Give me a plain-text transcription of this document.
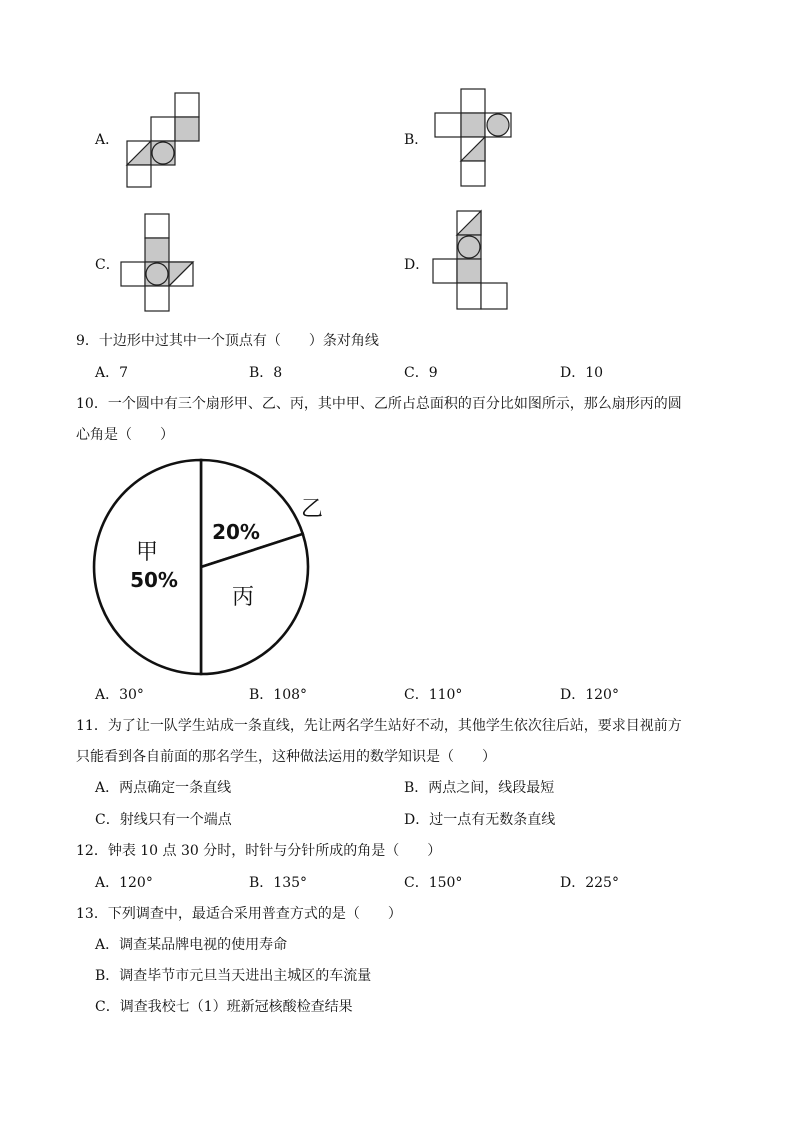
A．	B．
C．	D．
9．十边形中过其中一个顶点有（　　）条对角线
A．7	B．8	C．9	D．10
10．一个圆中有三个扇形甲、乙、丙，其中甲、乙所占总面积的百分比如图所示，那么扇形丙的圆
心角是（　　）
乙
20%
甲
50%
丙
A．30°	B．108°	C．110°	D．120°
11．为了让一队学生站成一条直线，先让两名学生站好不动，其他学生依次往后站，要求目视前方
只能看到各自前面的那名学生，这种做法运用的数学知识是（　　）
A．两点确定一条直线	B．两点之间，线段最短
C．射线只有一个端点	D．过一点有无数条直线
12．钟表 10 点 30 分时，时针与分针所成的角是（　　）
A．120°	B．135°	C．150°	D．225°
13．下列调查中，最适合采用普查方式的是（　　）
A．调查某品牌电视的使用寿命
B．调查毕节市元旦当天进出主城区的车流量
C．调查我校七（1）班新冠核酸检查结果
